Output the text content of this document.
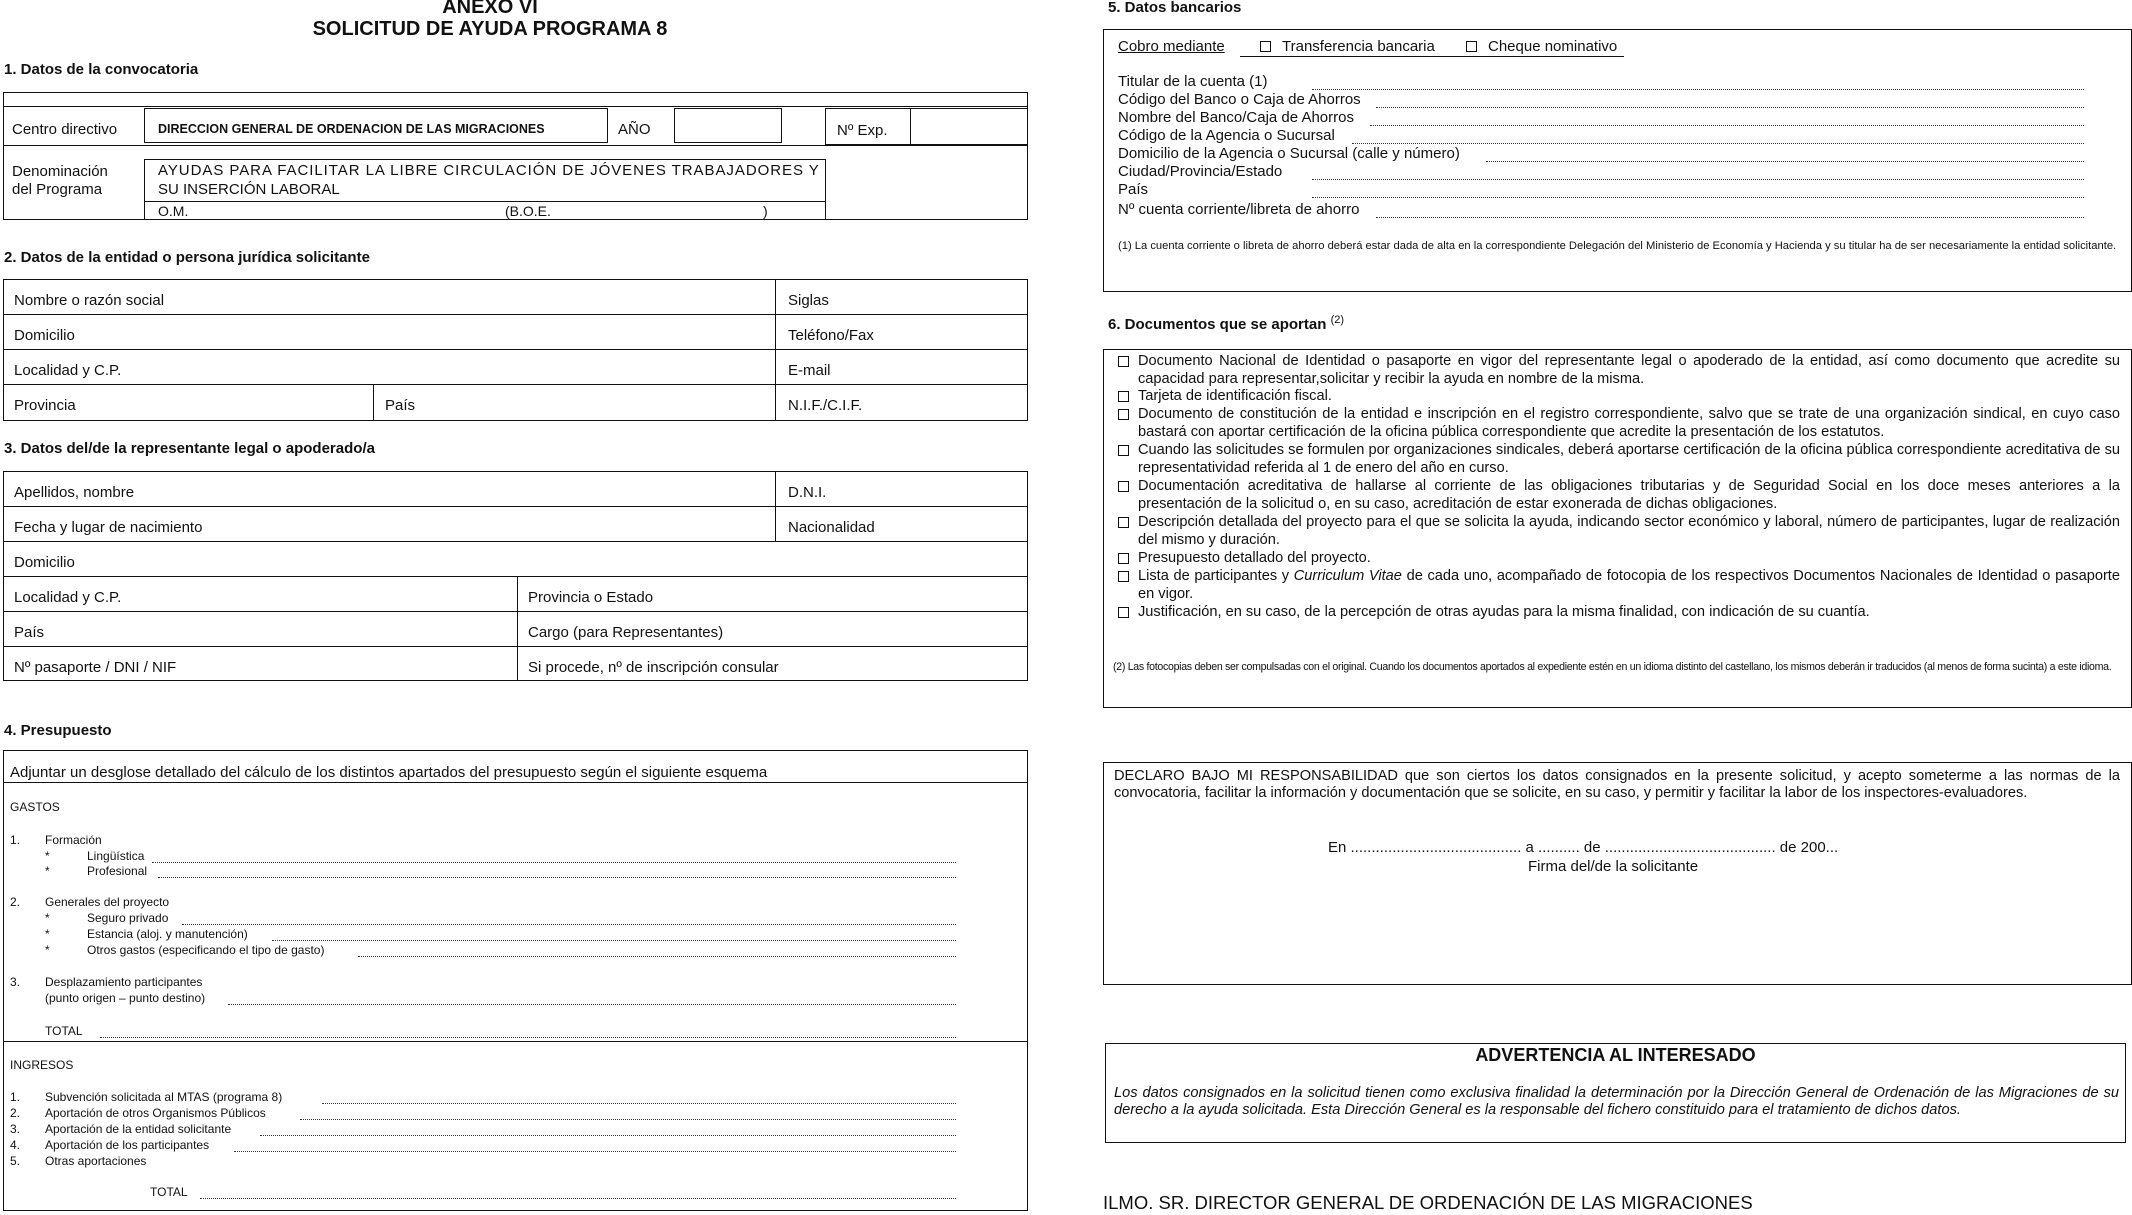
ANEXO VI
SOLICITUD DE AYUDA PROGRAMA 8
1. Datos de la convocatoria
Centro directivo	DIRECCION GENERAL DE ORDENACION DE LAS MIGRACIONES	AÑO	Nº Exp.
Denominación
del Programa
AYUDAS PARA FACILITAR LA LIBRE CIRCULACIÓN DE JÓVENES TRABAJADORES Y
SU INSERCIÓN LABORAL
O.M.	(B.O.E.	)
2. Datos de la entidad o persona jurídica solicitante
Nombre o razón social	Siglas
Domicilio	Teléfono/Fax
Localidad y C.P.	E-mail
Provincia	País	N.I.F./C.I.F.
3. Datos del/de la representante legal o apoderado/a
Apellidos, nombre	D.N.I.
Fecha y lugar de nacimiento	Nacionalidad
Domicilio
Localidad y C.P.	Provincia o Estado
País	Cargo (para Representantes)
Nº pasaporte / DNI / NIF	Si procede, nº de inscripción consular
4. Presupuesto
Adjuntar un desglose detallado del cálculo de los distintos apartados del presupuesto según el siguiente esquema
GASTOS
1. Formación
*	Lingüística
*	Profesional
2. Generales del proyecto
*	Seguro privado
*	Estancia (aloj. y manutención)
*	Otros gastos (especificando el tipo de gasto)
3. Desplazamiento participantes
(punto origen – punto destino)
TOTAL
INGRESOS
1. Subvención solicitada al MTAS (programa 8)
2. Aportación de otros Organismos Públicos
3. Aportación de la entidad solicitante
4. Aportación de los participantes
5. Otras aportaciones
TOTAL
5. Datos bancarios
Cobro mediante	Transferencia bancaria	Cheque nominativo
Titular de la cuenta (1)
Código del Banco o Caja de Ahorros
Nombre del Banco/Caja de Ahorros
Código de la Agencia o Sucursal
Domicilio de la Agencia o Sucursal (calle y número)
Ciudad/Provincia/Estado
País
Nº cuenta corriente/libreta de ahorro
(1) La cuenta corriente o libreta de ahorro deberá estar dada de alta en la correspondiente Delegación del Ministerio de Economía y Hacienda y su titular ha de ser necesariamente la entidad solicitante.
6. Documentos que se aportan $^{(2)}$
Documento Nacional de Identidad o pasaporte en vigor del representante legal o apoderado de la entidad, así como documento que acredite su capacidad para representar,solicitar y recibir la ayuda en nombre de la misma.
Tarjeta de identificación fiscal.
Documento de constitución de la entidad e inscripción en el registro correspondiente, salvo que se trate de una organización sindical, en cuyo caso bastará con aportar certificación de la oficina pública correspondiente que acredite la presentación de los estatutos.
Cuando las solicitudes se formulen por organizaciones sindicales, deberá aportarse certificación de la oficina pública correspondiente acreditativa de su representatividad referida al 1 de enero del año en curso.
Documentación acreditativa de hallarse al corriente de las obligaciones tributarias y de Seguridad Social en los doce meses anteriores a la presentación de la solicitud o, en su caso, acreditación de estar exonerada de dichas obligaciones.
Descripción detallada del proyecto para el que se solicita la ayuda, indicando sector económico y laboral, número de participantes, lugar de realización del mismo y duración.
Presupuesto detallado del proyecto.
Lista de participantes y Curriculum Vitae de cada uno, acompañado de fotocopia de los respectivos Documentos Nacionales de Identidad o pasaporte en vigor.
Justificación, en su caso, de la percepción de otras ayudas para la misma finalidad, con indicación de su cuantía.
(2) Las fotocopias deben ser compulsadas con el original. Cuando los documentos aportados al expediente estén en un idioma distinto del castellano, los mismos deberán ir traducidos (al menos de forma sucinta) a este idioma.
DECLARO BAJO MI RESPONSABILIDAD que son ciertos los datos consignados en la presente solicitud, y acepto someterme a las normas de la convocatoria, facilitar la información y documentación que se solicite, en su caso, y permitir y facilitar la labor de los inspectores-evaluadores.
En ......................................... a .......... de ......................................... de 200...
Firma del/de la solicitante
ADVERTENCIA AL INTERESADO
Los datos consignados en la solicitud tienen como exclusiva finalidad la determinación por la Dirección General de Ordenación de las Migraciones de su derecho a la ayuda solicitada. Esta Dirección General es la responsable del fichero constituido para el tratamiento de dichos datos.
ILMO. SR. DIRECTOR GENERAL DE ORDENACIÓN DE LAS MIGRACIONES
